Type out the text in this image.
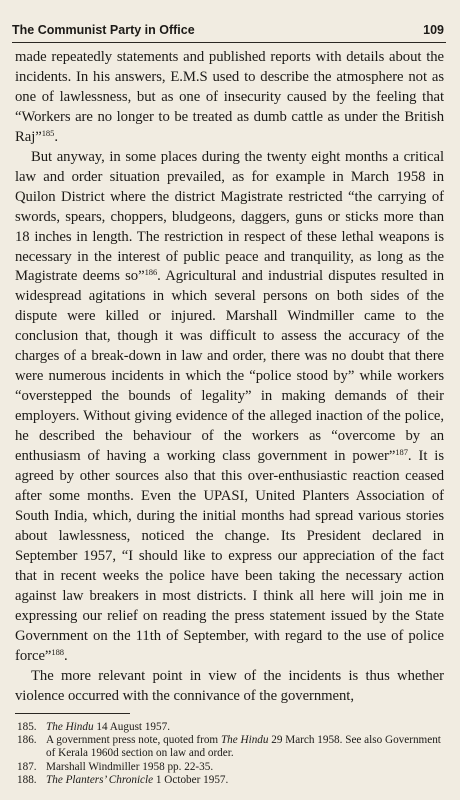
The Communist Party in Office	109

made repeatedly statements and published reports with details about the incidents. In his answers, E.M.S used to describe the atmosphere not as one of lawlessness, but as one of insecurity caused by the feeling that “Workers are no longer to be treated as dumb cattle as under the British Raj”$^{185}$.

But anyway, in some places during the twenty eight months a critical law and order situation prevailed, as for example in March 1958 in Quilon District where the district Magistrate restricted “the carrying of swords, spears, choppers, bludgeons, daggers, guns or sticks more than 18 inches in length. The restriction in respect of these lethal weapons is necessary in the interest of public peace and tranquility, as long as the Magistrate deems so”$^{186}$. Agricultural and industrial disputes resulted in widespread agitations in which several persons on both sides of the dispute were killed or injured. Marshall Windmiller came to the conclusion that, though it was difficult to assess the accuracy of the charges of a break-down in law and order, there was no doubt that there were numerous incidents in which the “police stood by” while workers “overstepped the bounds of legality” in making demands of their employers. Without giving evidence of the alleged inaction of the police, he described the behaviour of the workers as “overcome by an enthusiasm of having a working class government in power”$^{187}$. It is agreed by other sources also that this over-enthusiastic reaction ceased after some months. Even the UPASI, United Planters Association of South India, which, during the initial months had spread various stories about lawlessness, noticed the change. Its President declared in September 1957, “I should like to express our appreciation of the fact that in recent weeks the police have been taking the necessary action against law breakers in most districts. I think all here will join me in expressing our relief on reading the press statement issued by the State Government on the 11th of September, with regard to the use of police force”$^{188}$.

The more relevant point in view of the incidents is thus whether violence occurred with the connivance of the government,

185. The Hindu 14 August 1957.
186. A government press note, quoted from The Hindu 29 March 1958. See also Government of Kerala 1960d section on law and order.
187. Marshall Windmiller 1958 pp. 22-35.
188. The Planters’ Chronicle 1 October 1957.
